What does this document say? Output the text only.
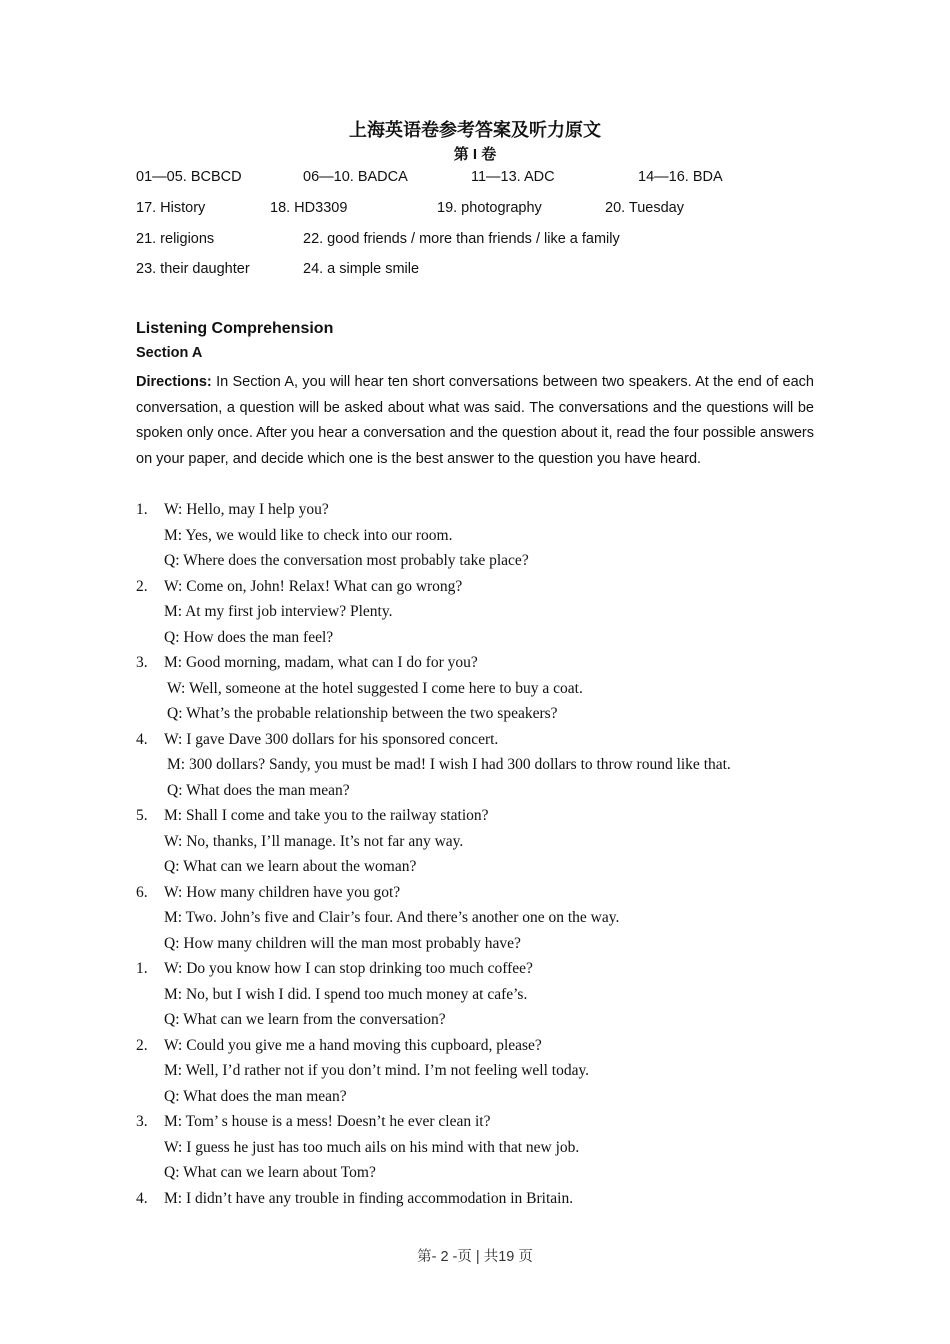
上海英语卷参考答案及听力原文
第 I 卷
01—05. BCBCD	06—10. BADCA	11—13. ADC	14—16. BDA
17. History	18. HD3309	19. photography	20. Tuesday
21. religions	22. good friends / more than friends / like a family
23. their daughter	24. a simple smile
Listening Comprehension
Section A
Directions: In Section A, you will hear ten short conversations between two speakers. At the end of each conversation, a question will be asked about what was said. The conversations and the questions will be spoken only once. After you hear a conversation and the question about it, read the four possible answers on your paper, and decide which one is the best answer to the question you have heard.
1.	W: Hello, may I help you?
M: Yes, we would like to check into our room.
Q: Where does the conversation most probably take place?
2.	W: Come on, John! Relax! What can go wrong?
M: At my first job interview? Plenty.
Q: How does the man feel?
3.	M: Good morning, madam, what can I do for you?
W: Well, someone at the hotel suggested I come here to buy a coat.
Q: What’s the probable relationship between the two speakers?
4.	W: I gave Dave 300 dollars for his sponsored concert.
M: 300 dollars? Sandy, you must be mad! I wish I had 300 dollars to throw round like that.
Q: What does the man mean?
5.	M: Shall I come and take you to the railway station?
W: No, thanks, I’ll manage. It’s not far any way.
Q: What can we learn about the woman?
6.	W: How many children have you got?
M: Two. John’s five and Clair’s four. And there’s another one on the way.
Q: How many children will the man most probably have?
1.	W: Do you know how I can stop drinking too much coffee?
M: No, but I wish I did. I spend too much money at cafe’s.
Q: What can we learn from the conversation?
2.	W: Could you give me a hand moving this cupboard, please?
M: Well, I’d rather not if you don’t mind. I’m not feeling well today.
Q: What does the man mean?
3.	M: Tom’ s house is a mess! Doesn’t he ever clean it?
W: I guess he just has too much ails on his mind with that new job.
Q: What can we learn about Tom?
4.	M: I didn’t have any trouble in finding accommodation in Britain.
第- 2 -页 | 共19 页
